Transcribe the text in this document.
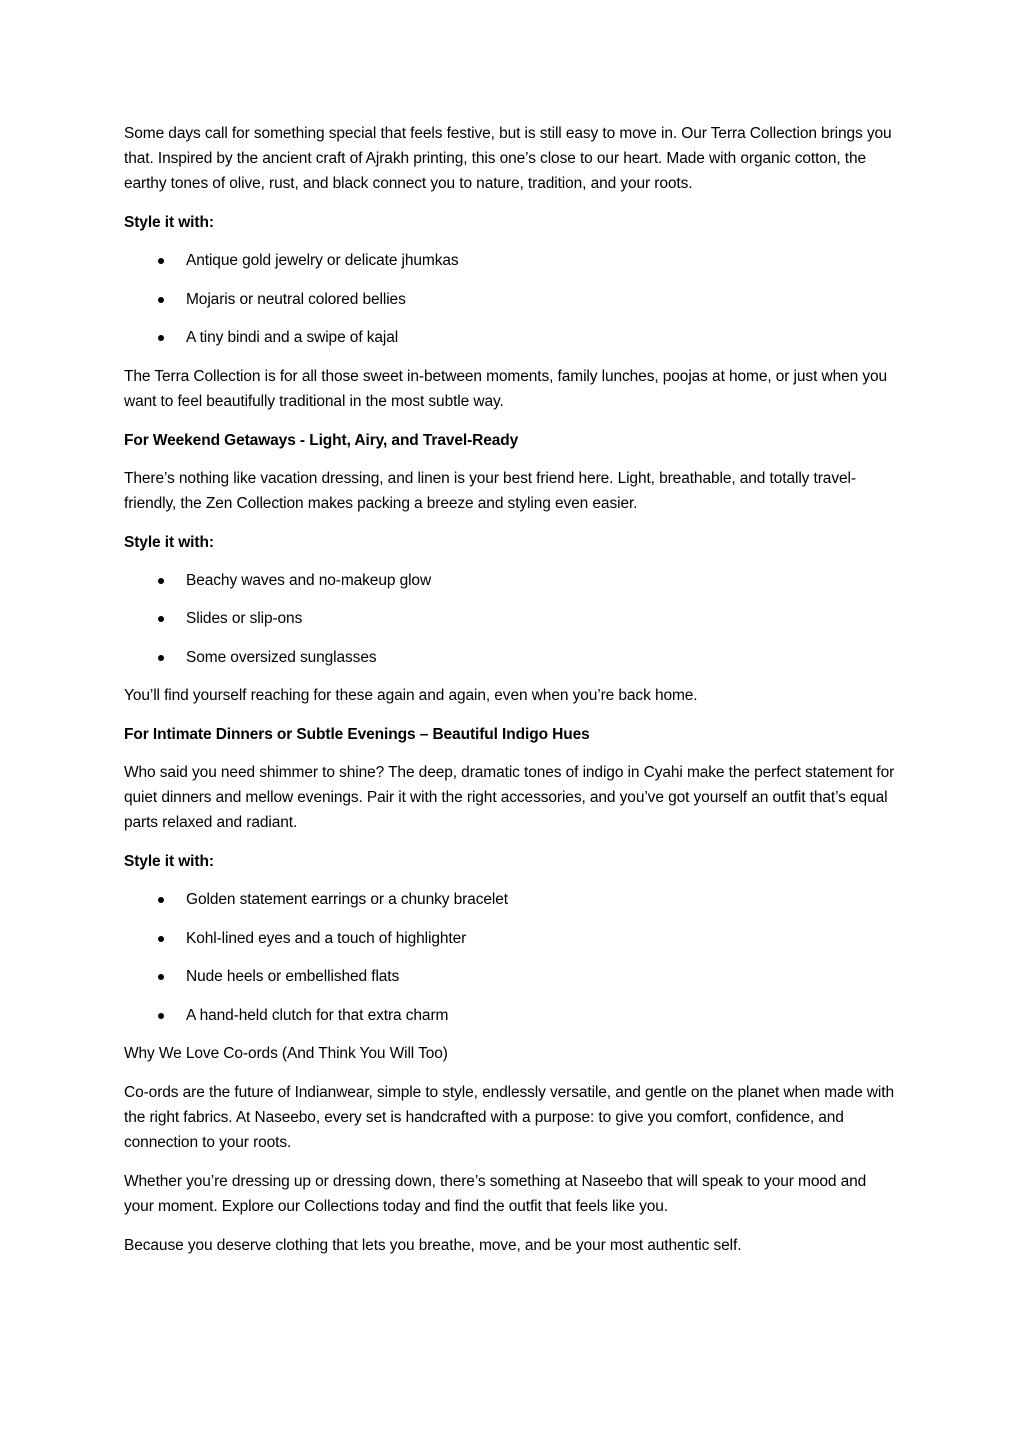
Some days call for something special that feels festive, but is still easy to move in. Our Terra Collection brings you that. Inspired by the ancient craft of Ajrakh printing, this one’s close to our heart. Made with organic cotton, the earthy tones of olive, rust, and black connect you to nature, tradition, and your roots.

Style it with:

Antique gold jewelry or delicate jhumkas
Mojaris or neutral colored bellies
A tiny bindi and a swipe of kajal

The Terra Collection is for all those sweet in-between moments, family lunches, poojas at home, or just when you want to feel beautifully traditional in the most subtle way.

For Weekend Getaways - Light, Airy, and Travel-Ready

There’s nothing like vacation dressing, and linen is your best friend here. Light, breathable, and totally travel-friendly, the Zen Collection makes packing a breeze and styling even easier.

Style it with:

Beachy waves and no-makeup glow
Slides or slip-ons
Some oversized sunglasses

You’ll find yourself reaching for these again and again, even when you’re back home.

For Intimate Dinners or Subtle Evenings – Beautiful Indigo Hues

Who said you need shimmer to shine? The deep, dramatic tones of indigo in Cyahi make the perfect statement for quiet dinners and mellow evenings. Pair it with the right accessories, and you’ve got yourself an outfit that’s equal parts relaxed and radiant.

Style it with:

Golden statement earrings or a chunky bracelet
Kohl-lined eyes and a touch of highlighter
Nude heels or embellished flats
A hand-held clutch for that extra charm

Why We Love Co-ords (And Think You Will Too)

Co-ords are the future of Indianwear, simple to style, endlessly versatile, and gentle on the planet when made with the right fabrics. At Naseebo, every set is handcrafted with a purpose: to give you comfort, confidence, and connection to your roots.

Whether you’re dressing up or dressing down, there’s something at Naseebo that will speak to your mood and your moment. Explore our Collections today and find the outfit that feels like you.

Because you deserve clothing that lets you breathe, move, and be your most authentic self.
